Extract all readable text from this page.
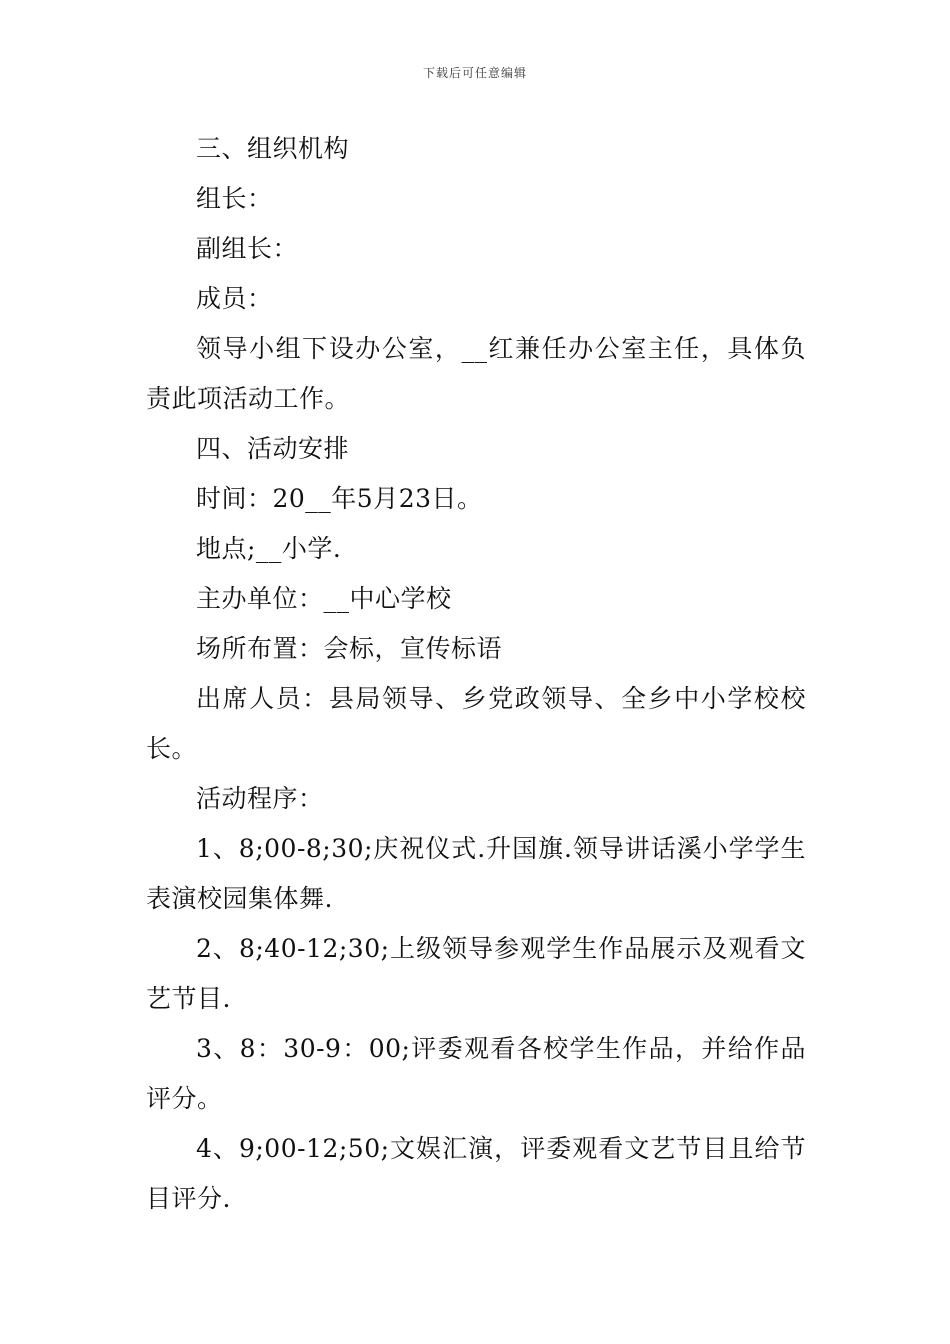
下载后可任意编辑

三、组织机构

组长：

副组长：

成员：

领导小组下设办公室，__红兼任办公室主任，具体负责此项活动工作。

四、活动安排

时间：20__年5月23日。

地点;__小学.

主办单位：__中心学校

场所布置：会标，宣传标语

出席人员：县局领导、乡党政领导、全乡中小学校校长。

活动程序：

1、8;00-8;30;庆祝仪式.升国旗.领导讲话溪小学学生表演校园集体舞.

2、8;40-12;30;上级领导参观学生作品展示及观看文艺节目.

3、8：30-9：00;评委观看各校学生作品，并给作品评分。

4、9;00-12;50;文娱汇演，评委观看文艺节目且给节目评分.
